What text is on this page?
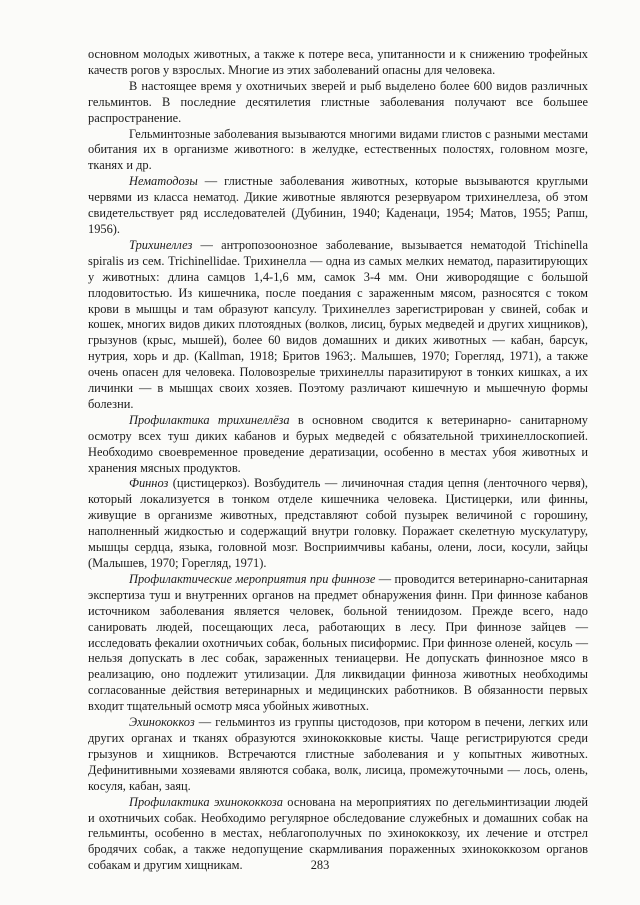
основном молодых животных, а также к потере веса, упитанности и к снижению трофейных качеств рогов у взрослых. Многие из этих заболеваний опасны для человека.

В настоящее время у охотничьих зверей и рыб выделено более 600 видов различных гельминтов. В последние десятилетия глистные заболевания получают все большее распространение.

Гельминтозные заболевания вызываются многими видами глистов с разными местами обитания их в организме животного: в желудке, естественных полостях, головном мозге, тканях и др.

Нематодозы — глистные заболевания животных, которые вызываются круглыми червями из класса нематод. Дикие животные являются резервуаром трихинеллеза, об этом свидетельствует ряд исследователей (Дубинин, 1940; Каденаци, 1954; Матов, 1955; Рапш, 1956).

Трихинеллез — антропозоонозное заболевание, вызывается нематодой Trichinella spiralis из сем. Trichinellidae. Трихинелла — одна из самых мелких нематод, паразитирующих у животных: длина самцов 1,4-1,6 мм, самок 3-4 мм. Они живородящие с большой плодовитостью. Из кишечника, после поедания с зараженным мясом, разносятся с током крови в мышцы и там образуют капсулу. Трихинеллез зарегистрирован у свиней, собак и кошек, многих видов диких плотоядных (волков, лисиц, бурых медведей и других хищников), грызунов (крыс, мышей), более 60 видов домашних и диких животных — кабан, барсук, нутрия, хорь и др. (Kallman, 1918; Бритов 1963;. Малышев, 1970; Горегляд, 1971), а также очень опасен для человека. Половозрелые трихинеллы паразитируют в тонких кишках, а их личинки — в мышцах своих хозяев. Поэтому различают кишечную и мышечную формы болезни.

Профилактика трихинеллёза в основном сводится к ветеринарно- санитарному осмотру всех туш диких кабанов и бурых медведей с обязательной трихинеллоскопией. Необходимо своевременное проведение дератизации, особенно в местах убоя животных и хранения мясных продуктов.

Финноз (цистицеркоз). Возбудитель — личиночная стадия цепня (ленточного червя), который локализуется в тонком отделе кишечника человека. Цистицерки, или финны, живущие в организме животных, представляют собой пузырек величиной с горошину, наполненный жидкостью и содержащий внутри головку. Поражает скелетную мускулатуру, мышцы сердца, языка, головной мозг. Восприимчивы кабаны, олени, лоси, косули, зайцы (Малышев, 1970; Горегляд, 1971).

Профилактические мероприятия при финнозе — проводится ветеринарно-санитарная экспертиза туш и внутренних органов на предмет обнаружения финн. При финнозе кабанов источником заболевания является человек, больной тениидозом. Прежде всего, надо санировать людей, посещающих леса, работающих в лесу. При финнозе зайцев — исследовать фекалии охотничьих собак, больных писиформис. При финнозе оленей, косуль — нельзя допускать в лес собак, зараженных тениацерви. Не допускать финнозное мясо в реализацию, оно подлежит утилизации. Для ликвидации финноза животных необходимы согласованные действия ветеринарных и медицинских работников. В обязанности первых входит тщательный осмотр мяса убойных животных.

Эхинококкоз — гельминтоз из группы цистодозов, при котором в печени, легких или других органах и тканях образуются эхинококковые кисты. Чаще регистрируются среди грызунов и хищников. Встречаются глистные заболевания и у копытных животных. Дефинитивными хозяевами являются собака, волк, лисица, промежуточными — лось, олень, косуля, кабан, заяц.

Профилактика эхинококкоза основана на мероприятиях по дегельминтизации людей и охотничьих собак. Необходимо регулярное обследование служебных и домашних собак на гельминты, особенно в местах, неблагополучных по эхинококкозу, их лечение и отстрел бродячих собак, а также недопущение скармливания пораженных эхинококкозом органов собакам и другим хищникам.	283
